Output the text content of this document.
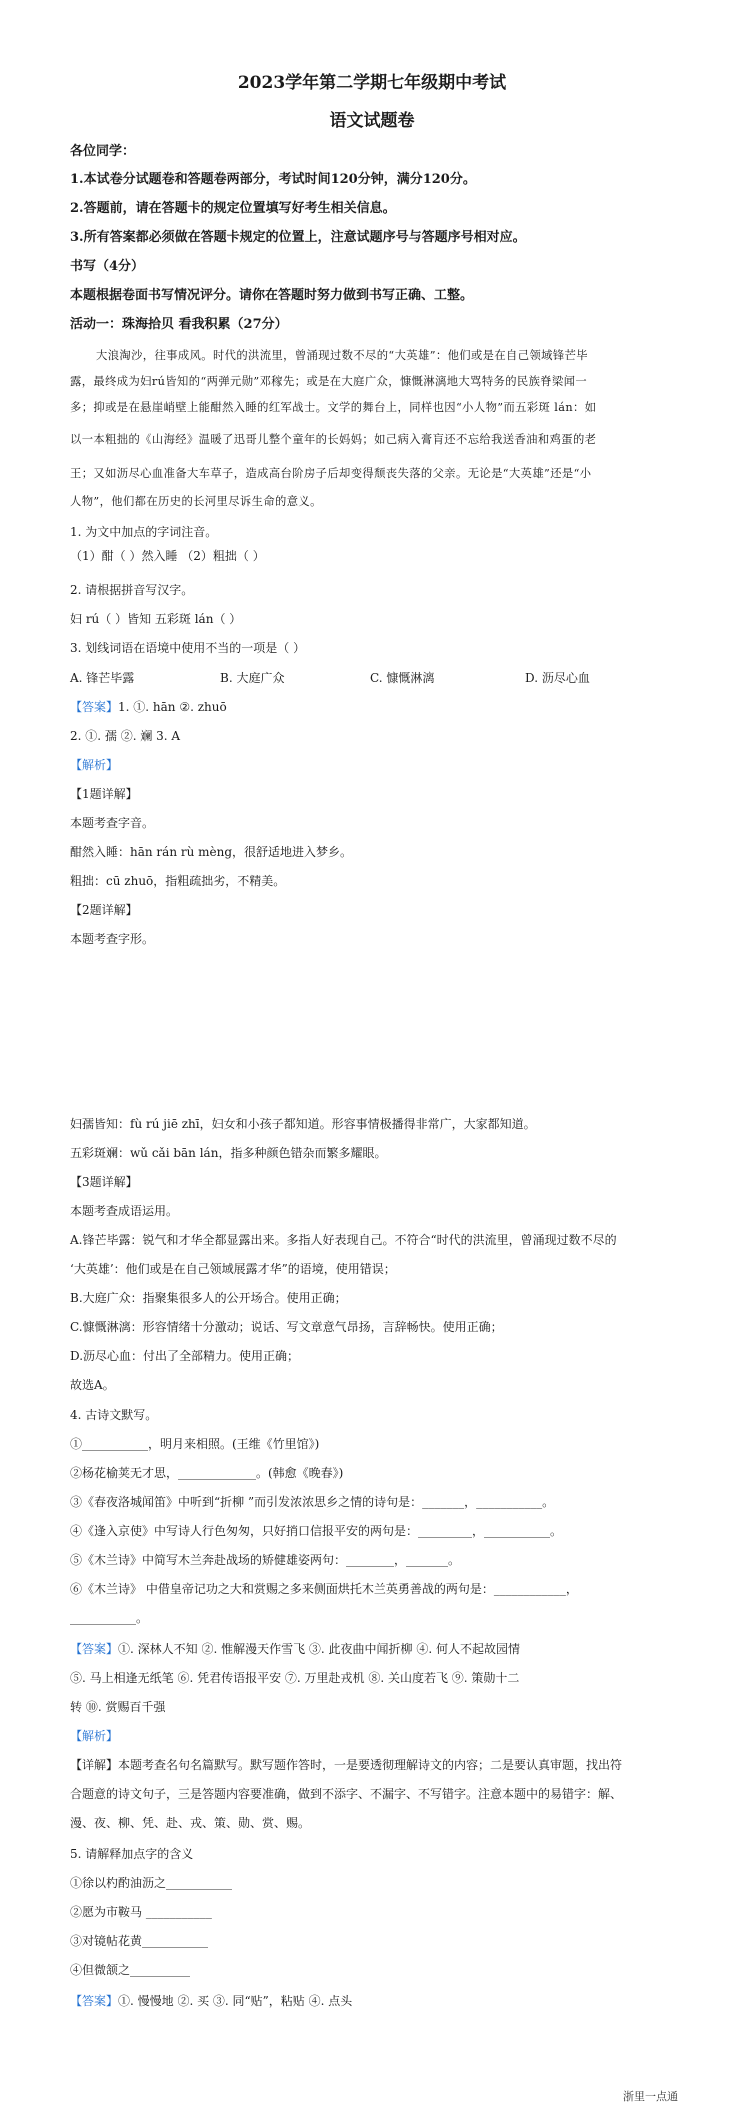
2023学年第二学期七年级期中考试
语文试题卷
各位同学：
1.本试卷分试题卷和答题卷两部分，考试时间120分钟，满分120分。
2.答题前，请在答题卡的规定位置填写好考生相关信息。
3.所有答案都必须做在答题卡规定的位置上，注意试题序号与答题序号相对应。
书写（4分）
本题根据卷面书写情况评分。请你在答题时努力做到书写正确、工整。
活动一：珠海拾贝 看我积累（27分）
大浪淘沙，往事成风。时代的洪流里，曾涌现过数不尽的“大英雄”：他们或是在自己领域锋芒毕
露，最终成为妇rú皆知的“两弹元勋”邓稼先；或是在大庭广众，慷慨淋漓地大骂特务的民族脊梁闻一
多；抑或是在悬崖峭壁上能酣然入睡的红军战士。文学的舞台上，同样也因“小人物”而五彩斑 lán：如
以一本粗拙的《山海经》温暖了迅哥儿整个童年的长妈妈；如己病入膏肓还不忘给我送香油和鸡蛋的老
王；又如沥尽心血准备大车草子，造成高台阶房子后却变得颓丧失落的父亲。无论是“大英雄”还是“小
人物”，他们都在历史的长河里尽诉生命的意义。
1. 为文中加点的字词注音。
（1）酣（ ）然入睡 （2）粗拙（ ）
2. 请根据拼音写汉字。
妇 rú（ ）皆知 五彩斑 lán（ ）
3. 划线词语在语境中使用不当的一项是（ ）
A. 锋芒毕露	B. 大庭广众	C. 慷慨淋漓	D. 沥尽心血
【答案】1. ①. hān ②. zhuō
2. ①. 孺 ②. 斓 3. A
【解析】
【1题详解】
本题考查字音。
酣然入睡：hān rán rù mèng，很舒适地进入梦乡。
粗拙：cū zhuō，指粗疏拙劣，不精美。
【2题详解】
本题考查字形。
妇孺皆知：fù rú jiē zhī，妇女和小孩子都知道。形容事情极播得非常广，大家都知道。
五彩斑斓：wǔ cǎi bān lán，指多种颜色错杂而繁多耀眼。
【3题详解】
本题考查成语运用。
A.锋芒毕露：锐气和才华全都显露出来。多指人好表现自己。不符合“时代的洪流里，曾涌现过数不尽的
‘大英雄’：他们或是在自己领域展露才华”的语境，使用错误；
B.大庭广众：指聚集很多人的公开场合。使用正确；
C.慷慨淋漓：形容情绪十分激动；说话、写文章意气昂扬，言辞畅快。使用正确；
D.沥尽心血：付出了全部精力。使用正确；
故选A。
4. 古诗文默写。
①___________，明月来相照。(王维《竹里馆》)
②杨花榆荚无才思，_____________。(韩愈《晚春》)
③《春夜洛城闻笛》中听到“折柳 ”而引发浓浓思乡之情的诗句是：_______，___________。
④《逢入京使》中写诗人行色匆匆，只好捎口信报平安的两句是：_________，___________。
⑤《木兰诗》中简写木兰奔赴战场的矫健雄姿两句：________，_______。
⑥《木兰诗》 中借皇帝记功之大和赏赐之多来侧面烘托木兰英勇善战的两句是：____________，
___________。
【答案】①. 深林人不知 ②. 惟解漫天作雪飞 ③. 此夜曲中闻折柳 ④. 何人不起故园情
⑤. 马上相逢无纸笔 ⑥. 凭君传语报平安 ⑦. 万里赴戎机 ⑧. 关山度若飞 ⑨. 策勋十二
转 ⑩. 赏赐百千强
【解析】
【详解】本题考查名句名篇默写。默写题作答时，一是要透彻理解诗文的内容；二是要认真审题，找出符
合题意的诗文句子，三是答题内容要准确，做到不添字、不漏字、不写错字。注意本题中的易错字：解、
漫、夜、柳、凭、赴、戎、策、勋、赏、赐。
5. 请解释加点字的含义
①徐以杓酌油沥之___________
②愿为市鞍马 ___________
③对镜帖花黄___________
④但微颔之__________
【答案】①. 慢慢地 ②. 买 ③. 同“贴”，粘贴 ④. 点头
浙里一点通
